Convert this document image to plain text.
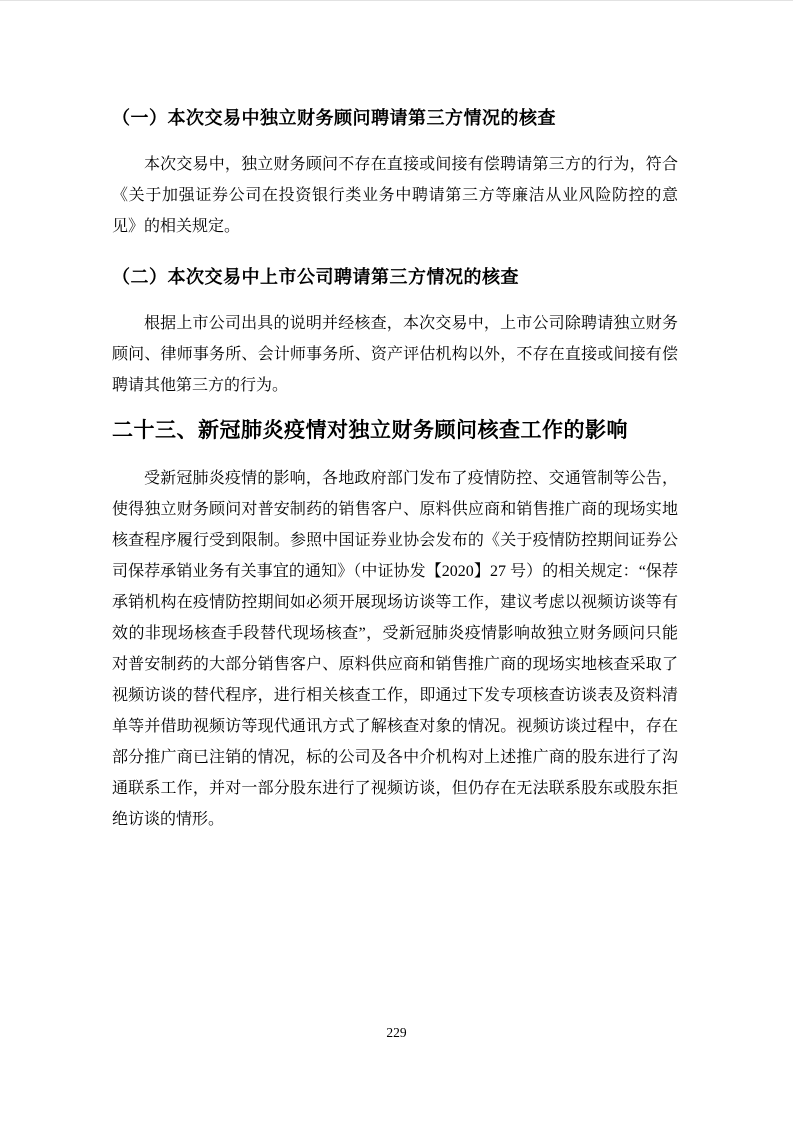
（一）本次交易中独立财务顾问聘请第三方情况的核查

本次交易中，独立财务顾问不存在直接或间接有偿聘请第三方的行为，符合《关于加强证券公司在投资银行类业务中聘请第三方等廉洁从业风险防控的意见》的相关规定。

（二）本次交易中上市公司聘请第三方情况的核查

根据上市公司出具的说明并经核查，本次交易中，上市公司除聘请独立财务顾问、律师事务所、会计师事务所、资产评估机构以外，不存在直接或间接有偿聘请其他第三方的行为。

二十三、新冠肺炎疫情对独立财务顾问核查工作的影响

受新冠肺炎疫情的影响，各地政府部门发布了疫情防控、交通管制等公告，使得独立财务顾问对普安制药的销售客户、原料供应商和销售推广商的现场实地核查程序履行受到限制。参照中国证券业协会发布的《关于疫情防控期间证券公司保荐承销业务有关事宜的通知》（中证协发【2020】27 号）的相关规定：“保荐承销机构在疫情防控期间如必须开展现场访谈等工作，建议考虑以视频访谈等有效的非现场核查手段替代现场核查”，受新冠肺炎疫情影响故独立财务顾问只能对普安制药的大部分销售客户、原料供应商和销售推广商的现场实地核查采取了视频访谈的替代程序，进行相关核查工作，即通过下发专项核查访谈表及资料清单等并借助视频访等现代通讯方式了解核查对象的情况。视频访谈过程中，存在部分推广商已注销的情况，标的公司及各中介机构对上述推广商的股东进行了沟通联系工作，并对一部分股东进行了视频访谈，但仍存在无法联系股东或股东拒绝访谈的情形。

229
